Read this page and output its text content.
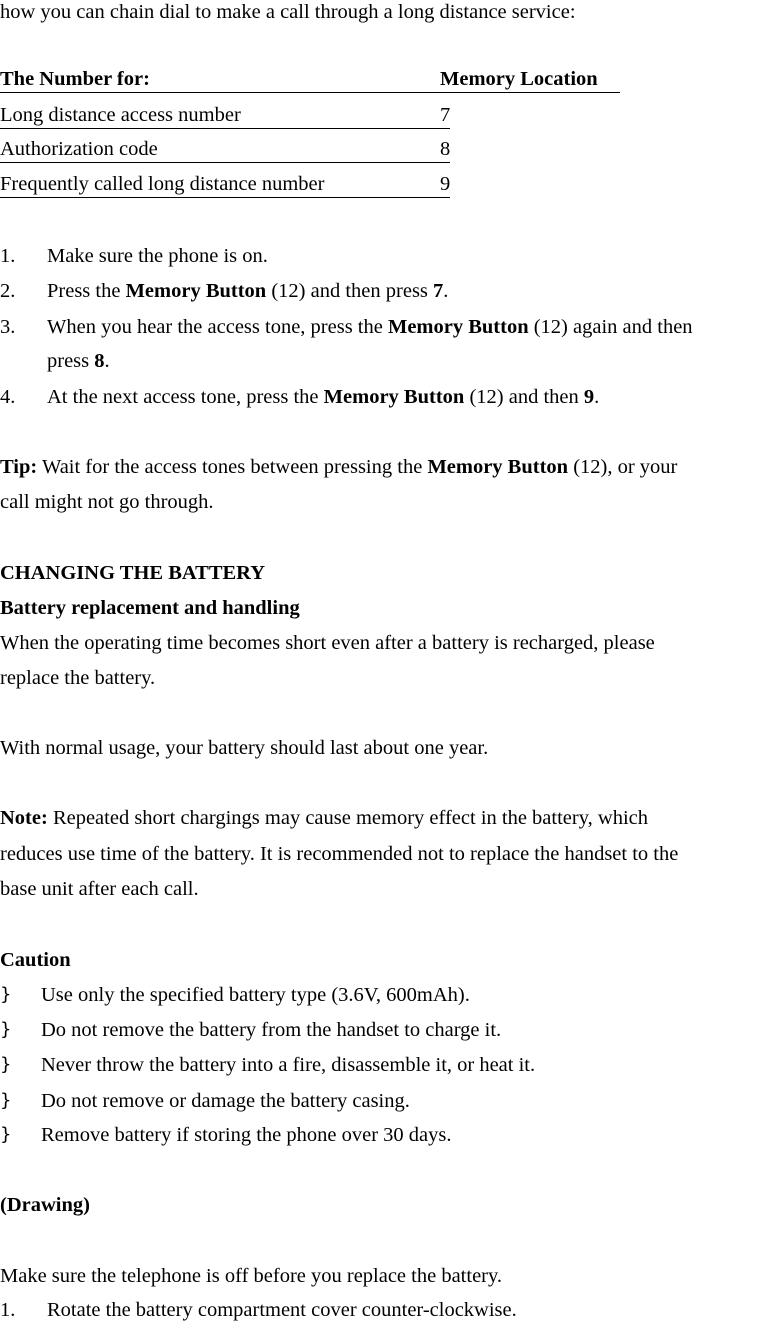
how you can chain dial to make a call through a long distance service:
The Number for:	Memory Location
Long distance access number	7
Authorization code	8
Frequently called long distance number	9
1. Make sure the phone is on.
2. Press the Memory Button (12) and then press 7.
3. When you hear the access tone, press the Memory Button (12) again and then
press 8.
4. At the next access tone, press the Memory Button (12) and then 9.
Tip: Wait for the access tones between pressing the Memory Button (12), or your
call might not go through.
CHANGING THE BATTERY
Battery replacement and handling
When the operating time becomes short even after a battery is recharged, please
replace the battery.
With normal usage, your battery should last about one year.
Note: Repeated short chargings may cause memory effect in the battery, which
reduces use time of the battery. It is recommended not to replace the handset to the
base unit after each call.
Caution
} Use only the specified battery type (3.6V, 600mAh).
} Do not remove the battery from the handset to charge it.
} Never throw the battery into a fire, disassemble it, or heat it.
} Do not remove or damage the battery casing.
} Remove battery if storing the phone over 30 days.
(Drawing)
Make sure the telephone is off before you replace the battery.
1. Rotate the battery compartment cover counter-clockwise.
